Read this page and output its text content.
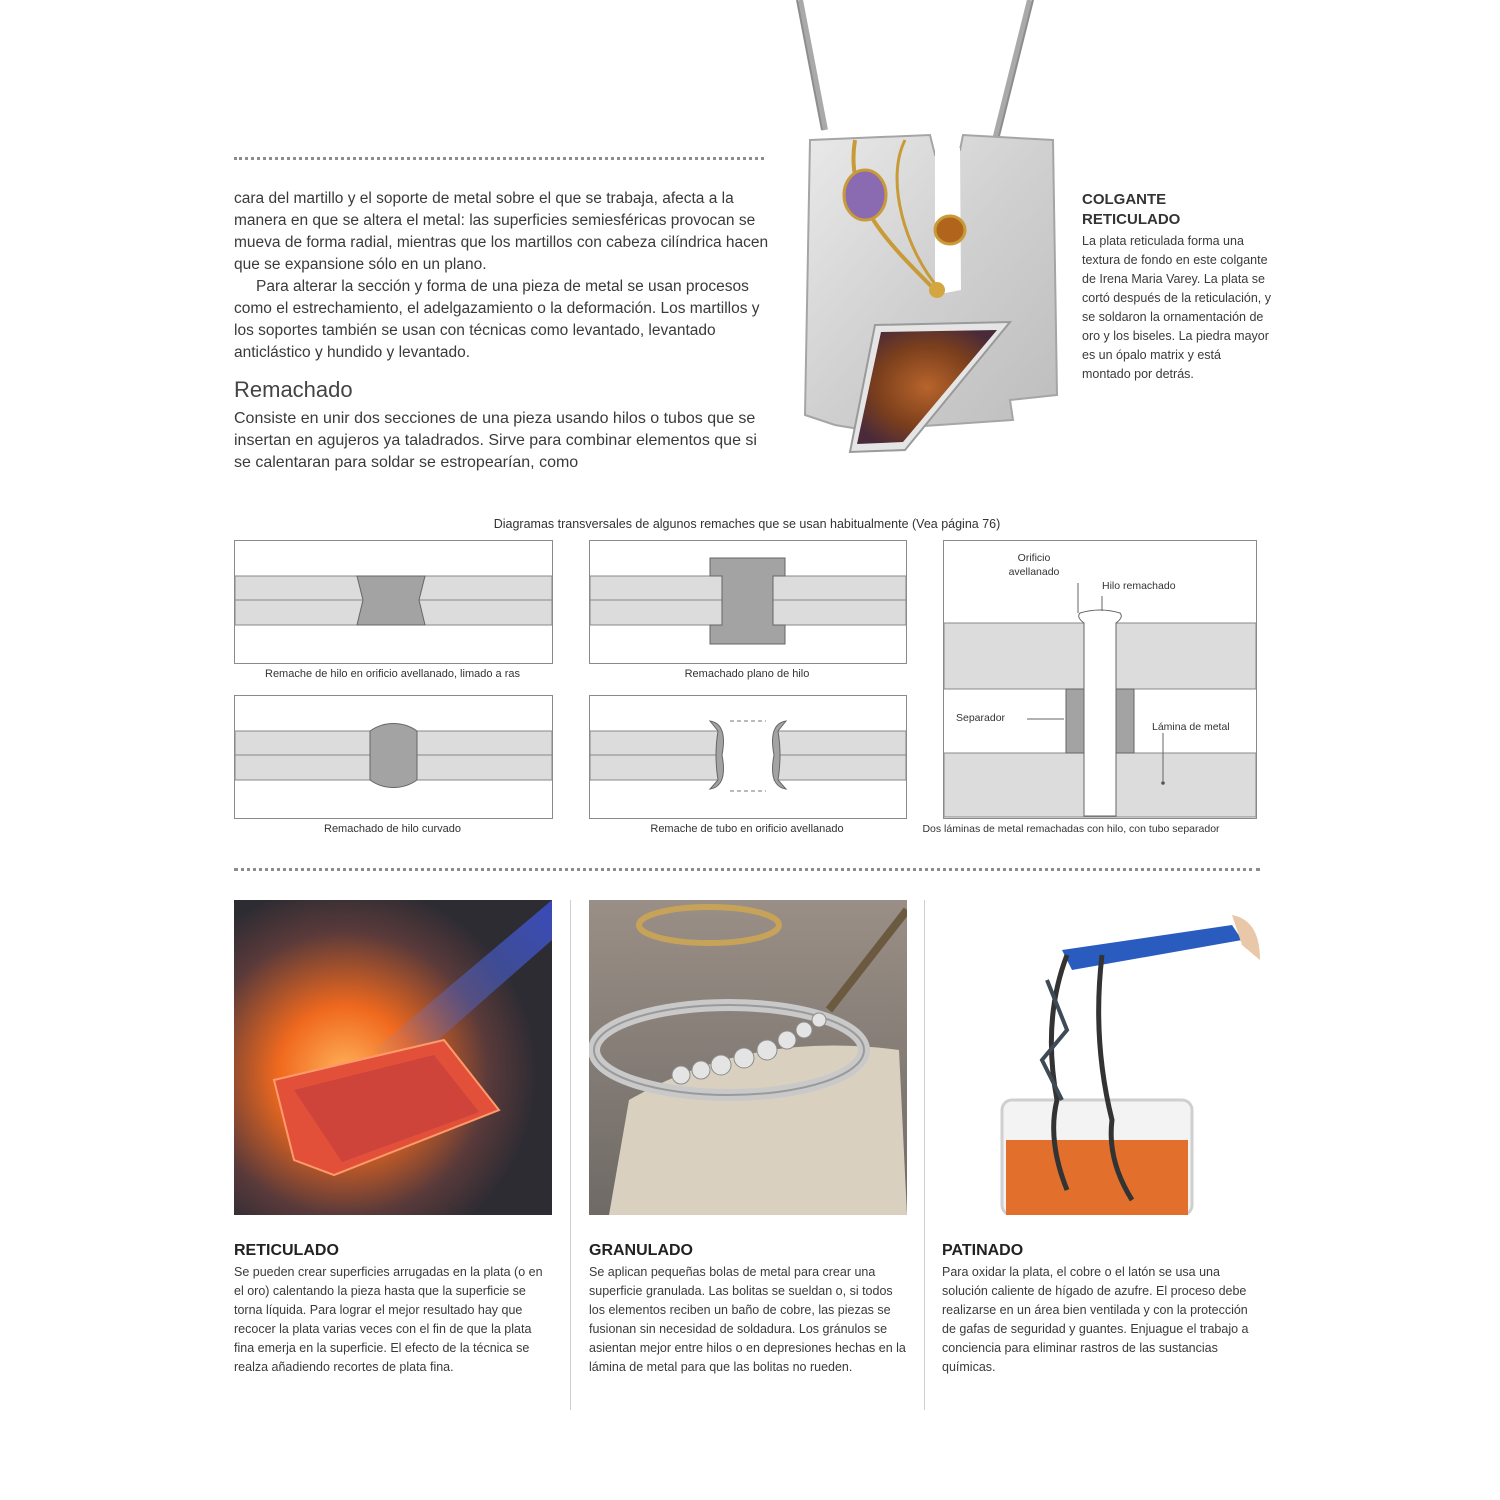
cara del martillo y el soporte de metal sobre el que se trabaja, afecta a la manera en que se altera el metal: las superficies semiesféricas provocan se mueva de forma radial, mientras que los martillos con cabeza cilíndrica hacen que se expansione sólo en un plano.

Para alterar la sección y forma de una pieza de metal se usan procesos como el estrechamiento, el adelgazamiento o la deformación. Los martillos y los soportes también se usan con técnicas como levantado, levantado anticlástico y hundido y levantado.

Remachado
Consiste en unir dos secciones de una pieza usando hilos o tubos que se insertan en agujeros ya taladrados. Sirve para combinar elementos que si se calentaran para soldar se estropearían, como
COLGANTE RETICULADO
La plata reticulada forma una textura de fondo en este colgante de Irena Maria Varey. La plata se cortó después de la reticulación, y se soldaron la ornamentación de oro y los biseles. La piedra mayor es un ópalo matrix y está montado por detrás.
Diagramas transversales de algunos remaches que se usan habitualmente (Vea página 76)
Remache de hilo en orificio avellanado, limado a ras	Remachado plano de hilo
Remachado de hilo curvado	Remache de tubo en orificio avellanado
Orificio avellanado
Hilo remachado
Separador
Lámina de metal
Dos láminas de metal remachadas con hilo, con tubo separador
RETICULADO
Se pueden crear superficies arrugadas en la plata (o en el oro) calentando la pieza hasta que la superficie se torna líquida. Para lograr el mejor resultado hay que recocer la plata varias veces con el fin de que la plata fina emerja en la superficie. El efecto de la técnica se realza añadiendo recortes de plata fina.
GRANULADO
Se aplican pequeñas bolas de metal para crear una superficie granulada. Las bolitas se sueldan o, si todos los elementos reciben un baño de cobre, las piezas se fusionan sin necesidad de soldadura. Los gránulos se asientan mejor entre hilos o en depresiones hechas en la lámina de metal para que las bolitas no rueden.
PATINADO
Para oxidar la plata, el cobre o el latón se usa una solución caliente de hígado de azufre. El proceso debe realizarse en un área bien ventilada y con la protección de gafas de seguridad y guantes. Enjuague el trabajo a conciencia para eliminar rastros de las sustancias químicas.
